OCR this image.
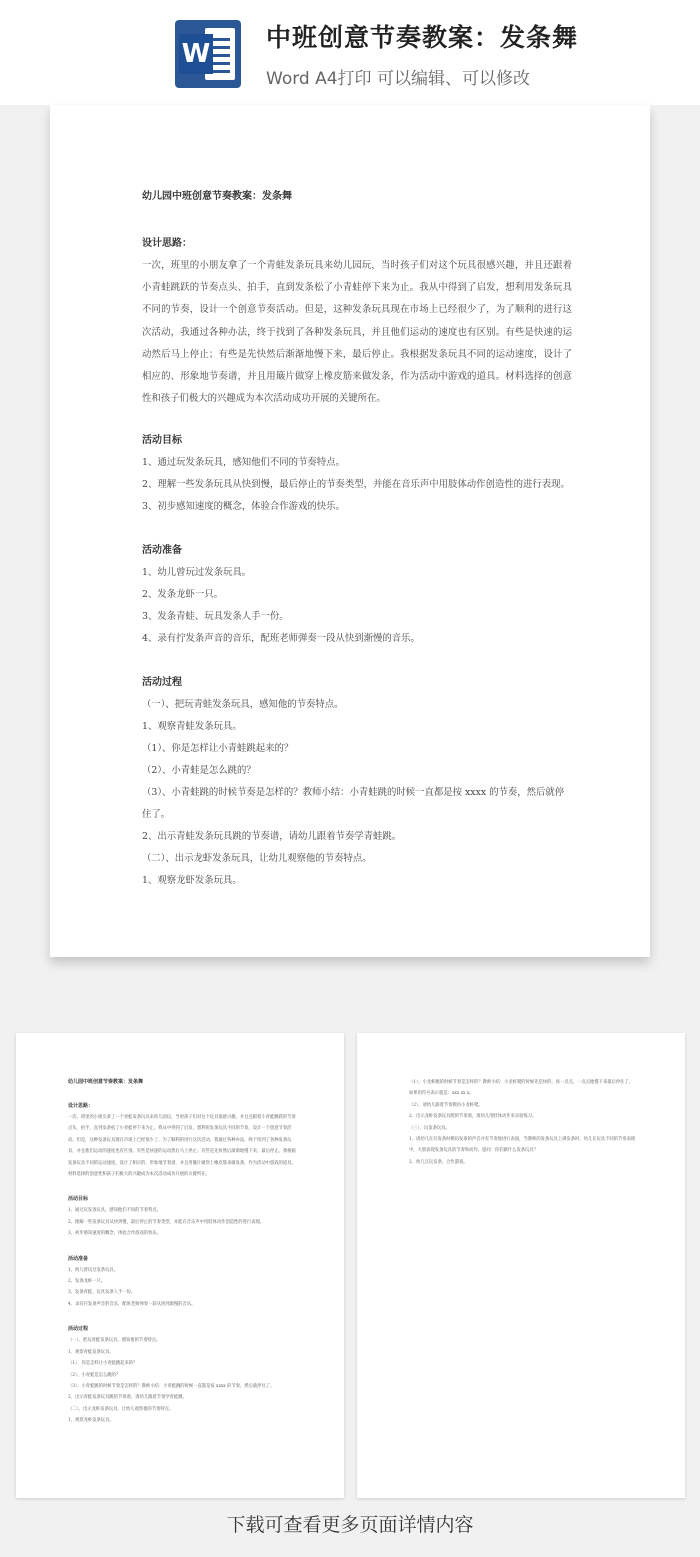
W
中班创意节奏教案：发条舞
Word A4打印 可以编辑、可以修改

幼儿园中班创意节奏教案：发条舞

设计思路：

一次，班里的小朋友拿了一个青蛙发条玩具来幼儿园玩，当时孩子们对这个玩具很感兴趣，并且还跟着小青蛙跳跃的节奏点头、拍手，直到发条松了小青蛙停下来为止。我从中得到了启发，想利用发条玩具不同的节奏，设计一个创意节奏活动。但是，这种发条玩具现在市场上已经很少了，为了顺利的进行这次活动，我通过各种办法，终于找到了各种发条玩具，并且他们运动的速度也有区别。有些是快速的运动然后马上停止；有些是先快然后渐渐地慢下来，最后停止。我根据发条玩具不同的运动速度，设计了相应的、形象地节奏谱，并且用簸片做穿上橡皮筋来做发条，作为活动中游戏的道具。材料选择的创意性和孩子们极大的兴趣成为本次活动成功开展的关键所在。

活动目标

1、通过玩发条玩具，感知他们不同的节奏特点。

2、理解一些发条玩具从快到慢，最后停止的节奏类型，并能在音乐声中用肢体动作创造性的进行表现。

3、初步感知速度的概念，体验合作游戏的快乐。

活动准备

1、幼儿曾玩过发条玩具。

2、发条龙虾一只。

3、发条青蛙、玩具发条人手一份。

4、录有拧发条声音的音乐，配班老师弹奏一段从快到渐慢的音乐。

活动过程

（一）、把玩青蛙发条玩具，感知他的节奏特点。

1、观察青蛙发条玩具。

（1）、你是怎样让小青蛙跳起来的？

（2）、小青蛙是怎么跳的？

（3）、小青蛙跳的时候节奏是怎样的？教师小结：小青蛙跳的时候一直都是按 xxxx 的节奏，然后就停住了。

2、出示青蛙发条玩具跳的节奏谱，请幼儿跟着节奏学青蛙跳。

（二）、出示龙虾发条玩具，让幼儿观察他的节奏特点。

1、观察龙虾发条玩具。

幼儿园中班创意节奏教案：发条舞

设计思路：

一次，班里的小朋友拿了一个青蛙发条玩具来幼儿园玩，当时孩子们对这个玩具很感兴趣，并且还跟着小青蛙跳跃的节奏点头、拍手，直到发条松了小青蛙停下来为止。我从中得到了启发，想利用发条玩具不同的节奏，设计一个创意节奏活动。但是，这种发条玩具现在市场上已经很少了，为了顺利的进行这次活动，我通过各种办法，终于找到了各种发条玩具，并且他们运动的速度也有区别。有些是快速的运动然后马上停止；有些是先快然后渐渐地慢下来，最后停止。我根据发条玩具不同的运动速度，设计了相应的、形象地节奏谱，并且用簸片做穿上橡皮筋来做发条，作为活动中游戏的道具。材料选择的创意性和孩子们极大的兴趣成为本次活动成功开展的关键所在。

活动目标

1、通过玩发条玩具，感知他们不同的节奏特点。

2、理解一些发条玩具从快到慢，最后停止的节奏类型，并能在音乐声中用肢体动作创造性的进行表现。

3、初步感知速度的概念，体验合作游戏的快乐。

活动准备

1、幼儿曾玩过发条玩具。

2、发条龙虾一只。

3、发条青蛙、玩具发条人手一份。

4、录有拧发条声音的音乐，配班老师弹奏一段从快到渐慢的音乐。

活动过程

（一）、把玩青蛙发条玩具，感知他的节奏特点。

1、观察青蛙发条玩具。

（1）、你是怎样让小青蛙跳起来的？

（2）、小青蛙是怎么跳的？

（3）、小青蛙跳的时候节奏是怎样的？教师小结：小青蛙跳的时候一直都是按 xxxx 的节奏，然后就停住了。

2、出示青蛙发条玩具跳的节奏谱，请幼儿跟着节奏学青蛙跳。

（二）、出示龙虾发条玩具，让幼儿观察他的节奏特点。

1、观察龙虾发条玩具。

（1）、小龙虾跳的时候节奏是怎样的？教师小结：小龙虾爬的时候先是快的，再一点点，一点点地慢下来最后停住了，如果用符号表示就是：xxx xx x。

（2）、请幼儿跟着节奏模仿小龙虾爬。

2、出示龙虾发条玩具爬的节奏谱，请幼儿用肢体动作来实验练习。

（三）、玩发条玩具。

1、请幼儿在拧发条时模仿发条的声音并有节奏地进行表演，当教师的发条玩具上满发条时，幼儿在玩具不同的节奏表现中，大胆表现发条玩具的节奏和动作。提问：你们做什么发条玩具？

2、幼儿互玩发条，合作游戏。

下载可查看更多页面详情内容
